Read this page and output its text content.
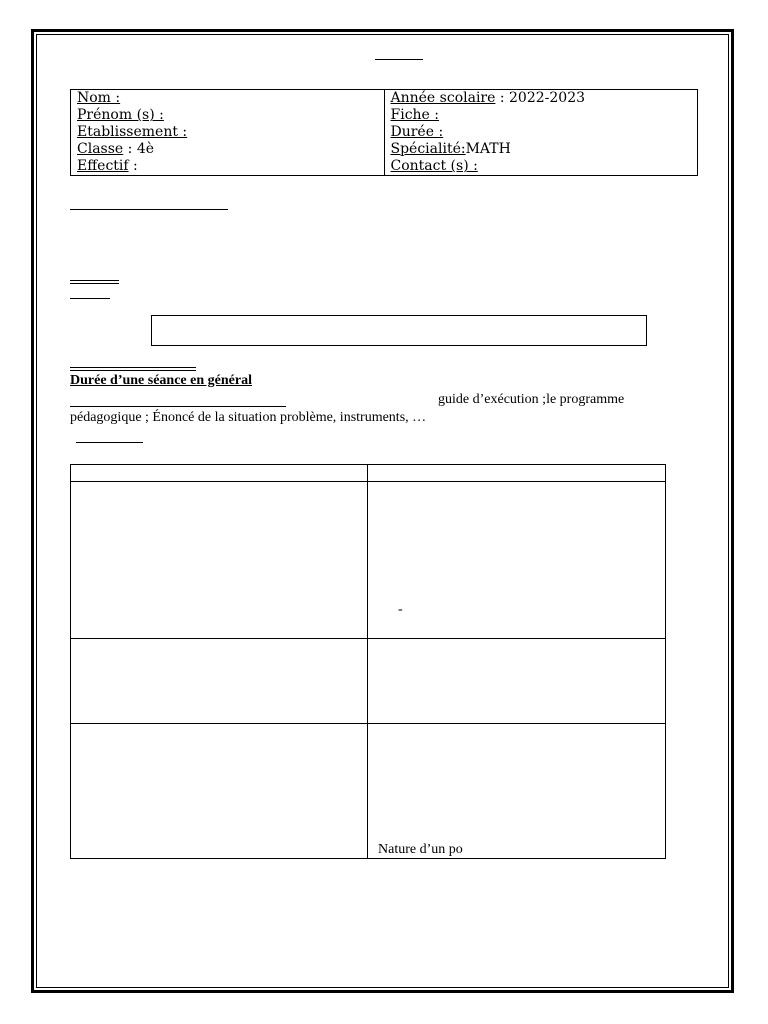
Nom :
Prénom (s) :
Etablissement :
Classe : 4è
Effectif :

Année scolaire : 2022-2023
Fiche :
Durée :
Spécialité:MATH
Contact (s) :
Durée d’une séance en général
guide d’exécution ;le programme
pédagogique ; Énoncé de la situation problème, instruments, …

	-

	Nature d’un po
